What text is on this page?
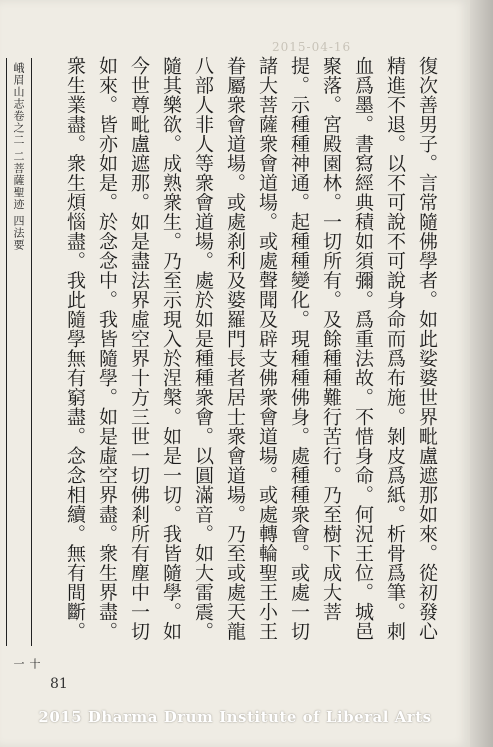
2015-04-16
峨眉山志卷之二 二菩薩聖迹 四法要
十一

復次善男子。言常隨佛學者。如此娑婆世界毗盧遮那如來。從初發心精進不退。以不可說不可說身命而爲布施。剝皮爲紙。析骨爲筆。刺血爲墨。書寫經典積如須彌。爲重法故。不惜身命。何況王位。城邑聚落。宮殿園林。一切所有。及餘種種難行苦行。乃至樹下成大菩提。示種種神通。起種種變化。現種種佛身。處種種衆會。或處一切諸大菩薩衆會道場。或處聲聞及辟支佛衆會道場。或處轉輪聖王小王眷屬衆會道場。或處刹利及婆羅門長者居士衆會道場。乃至或處天龍八部人非人等衆會道場。處於如是種種衆會。以圓滿音。如大雷震。隨其樂欲。成熟衆生。乃至示現入於涅槃。如是一切。我皆隨學。如今世尊毗盧遮那。如是盡法界虛空界十方三世一切佛剎所有塵中一切如來。皆亦如是。於念念中。我皆隨學。如是虛空界盡。衆生界盡。衆生業盡。衆生煩惱盡。我此隨學無有窮盡。念念相續。無有間斷。

81
2015 Dharma Drum Institute of Liberal Arts
